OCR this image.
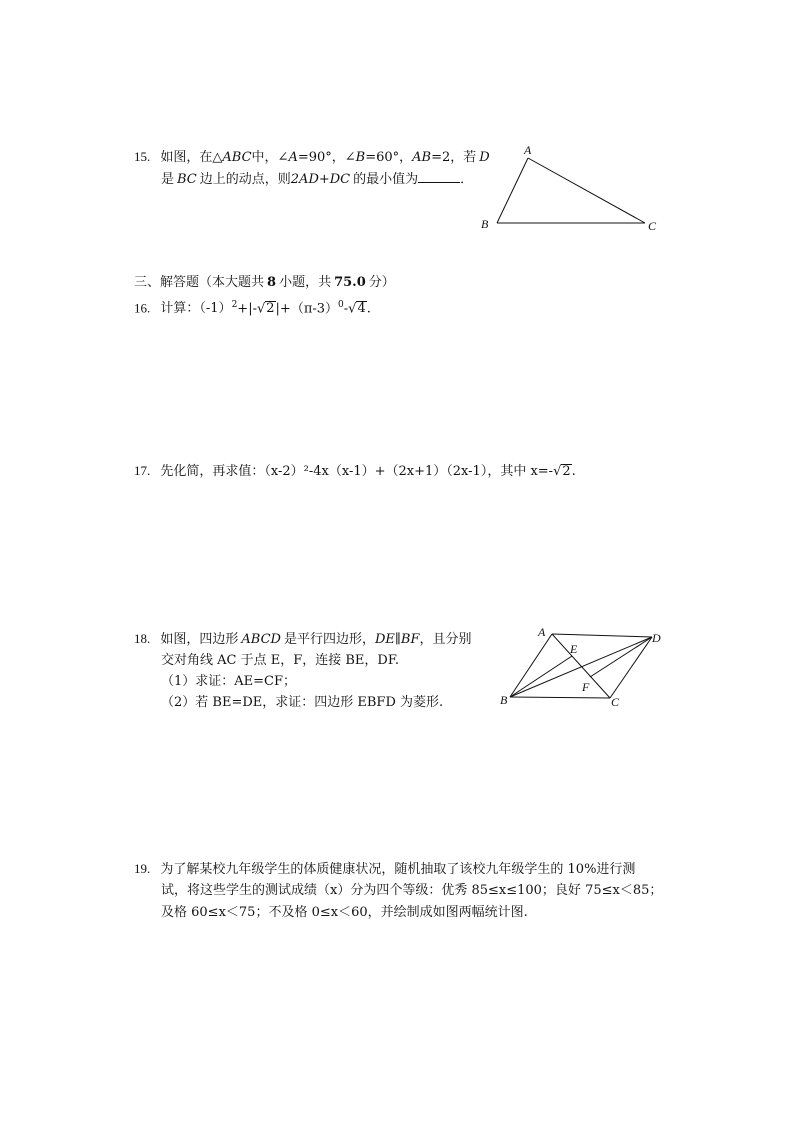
15. 如图，在△ABC中，∠A=90°，∠B=60°，AB=2，若 D
是 BC 边上的动点，则2AD+DC 的最小值为	．
A
B	C
三、解答题（本大题共 8 小题，共 75.0 分）
16. 计算：$(-1)^2+|-√2|+(\pi-3)^0-√4$.
17. 先化简，再求值：（x-2）²-4x（x-1）+（2x+1）（2x-1），其中 x=-√2.
18. 如图，四边形 ABCD 是平行四边形，DE∥BF，且分别
交对角线 AC 于点 E，F，连接 BE，DF.
（1）求证：AE=CF；
（2）若 BE=DE，求证：四边形 EBFD 为菱形.
A
B	C
D
E
F
19. 为了解某校九年级学生的体质健康状况，随机抽取了该校九年级学生的 10%进行测
试，将这些学生的测试成绩（x）分为四个等级：优秀 85≤x≤100；良好 75≤x＜85；
及格 60≤x＜75；不及格 0≤x＜60，并绘制成如图两幅统计图.
